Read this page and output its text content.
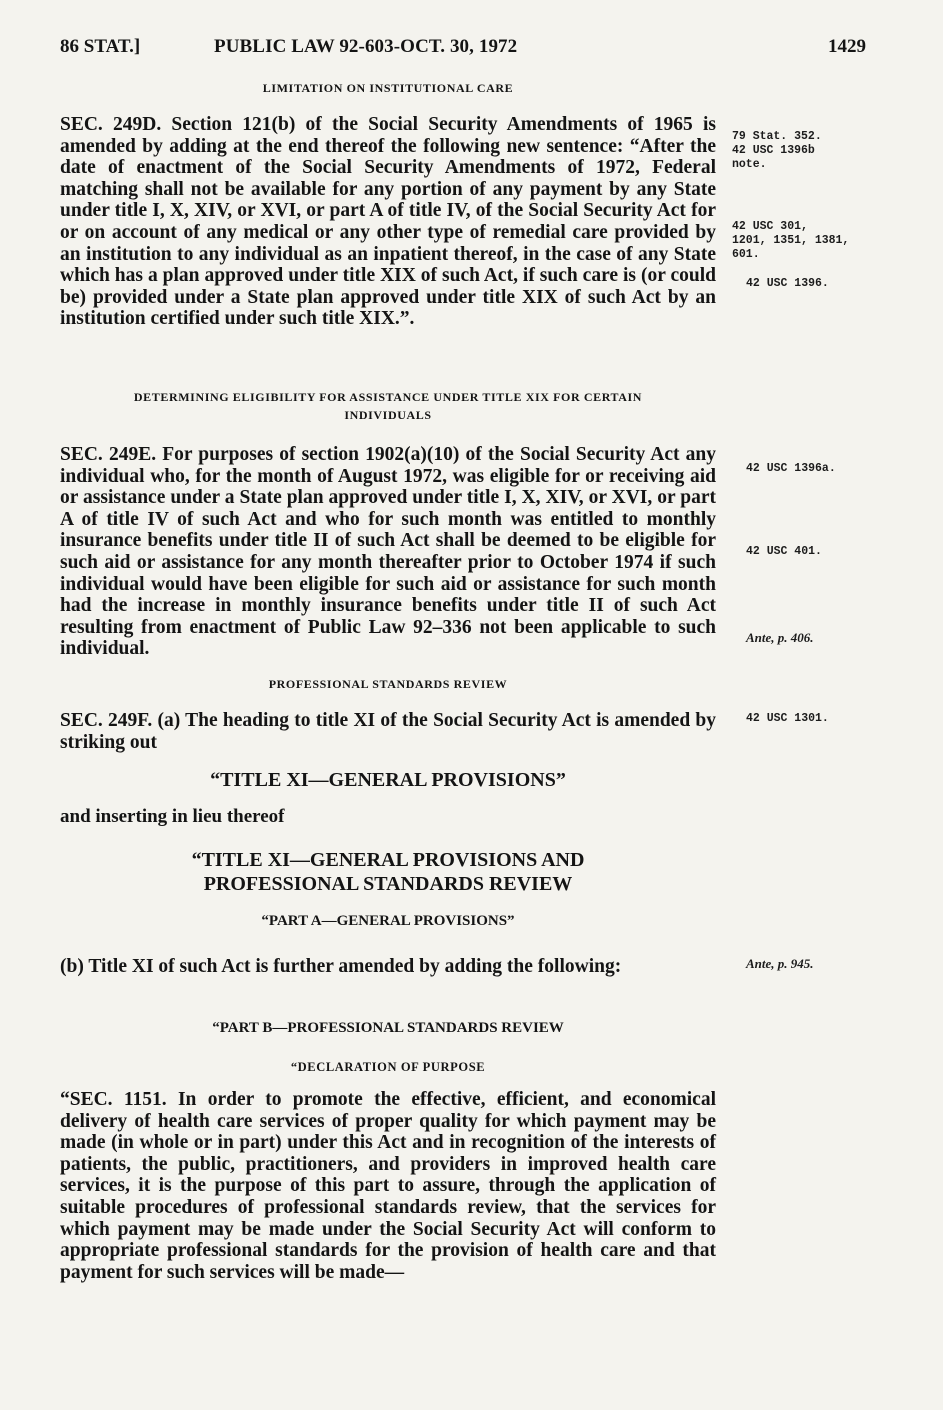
86 STAT.]	PUBLIC LAW 92-603-OCT. 30, 1972	1429
LIMITATION ON INSTITUTIONAL CARE

SEC. 249D. Section 121(b) of the Social Security Amendments of 1965 is amended by adding at the end thereof the following new sentence: “After the date of enactment of the Social Security Amendments of 1972, Federal matching shall not be available for any portion of any payment by any State under title I, X, XIV, or XVI, or part A of title IV, of the Social Security Act for or on account of any medical or any other type of remedial care provided by an institution to any individual as an inpatient thereof, in the case of any State which has a plan approved under title XIX of such Act, if such care is (or could be) provided under a State plan approved under title XIX of such Act by an institution certified under such title XIX.”.

DETERMINING ELIGIBILITY FOR ASSISTANCE UNDER TITLE XIX FOR CERTAIN
INDIVIDUALS

SEC. 249E. For purposes of section 1902(a)(10) of the Social Security Act any individual who, for the month of August 1972, was eligible for or receiving aid or assistance under a State plan approved under title I, X, XIV, or XVI, or part A of title IV of such Act and who for such month was entitled to monthly insurance benefits under title II of such Act shall be deemed to be eligible for such aid or assistance for any month thereafter prior to October 1974 if such individual would have been eligible for such aid or assistance for such month had the increase in monthly insurance benefits under title II of such Act resulting from enactment of Public Law 92–336 not been applicable to such individual.

PROFESSIONAL STANDARDS REVIEW

SEC. 249F. (a) The heading to title XI of the Social Security Act is amended by striking out

“TITLE XI—GENERAL PROVISIONS”
and inserting in lieu thereof
“TITLE XI—GENERAL PROVISIONS AND
PROFESSIONAL STANDARDS REVIEW
“PART A—GENERAL PROVISIONS”

(b) Title XI of such Act is further amended by adding the following:

“PART B—PROFESSIONAL STANDARDS REVIEW
“DECLARATION OF PURPOSE

“SEC. 1151. In order to promote the effective, efficient, and economical delivery of health care services of proper quality for which payment may be made (in whole or in part) under this Act and in recognition of the interests of patients, the public, practitioners, and providers in improved health care services, it is the purpose of this part to assure, through the application of suitable procedures of professional standards review, that the services for which payment may be made under the Social Security Act will conform to appropriate professional standards for the provision of health care and that payment for such services will be made—

79 Stat. 352.
42 USC 1396b
note.
42 USC 301,
1201, 1351, 1381,
601.
42 USC 1396.
42 USC 1396a.
42 USC 401.
Ante, p. 406.
42 USC 1301.
Ante, p. 945.
